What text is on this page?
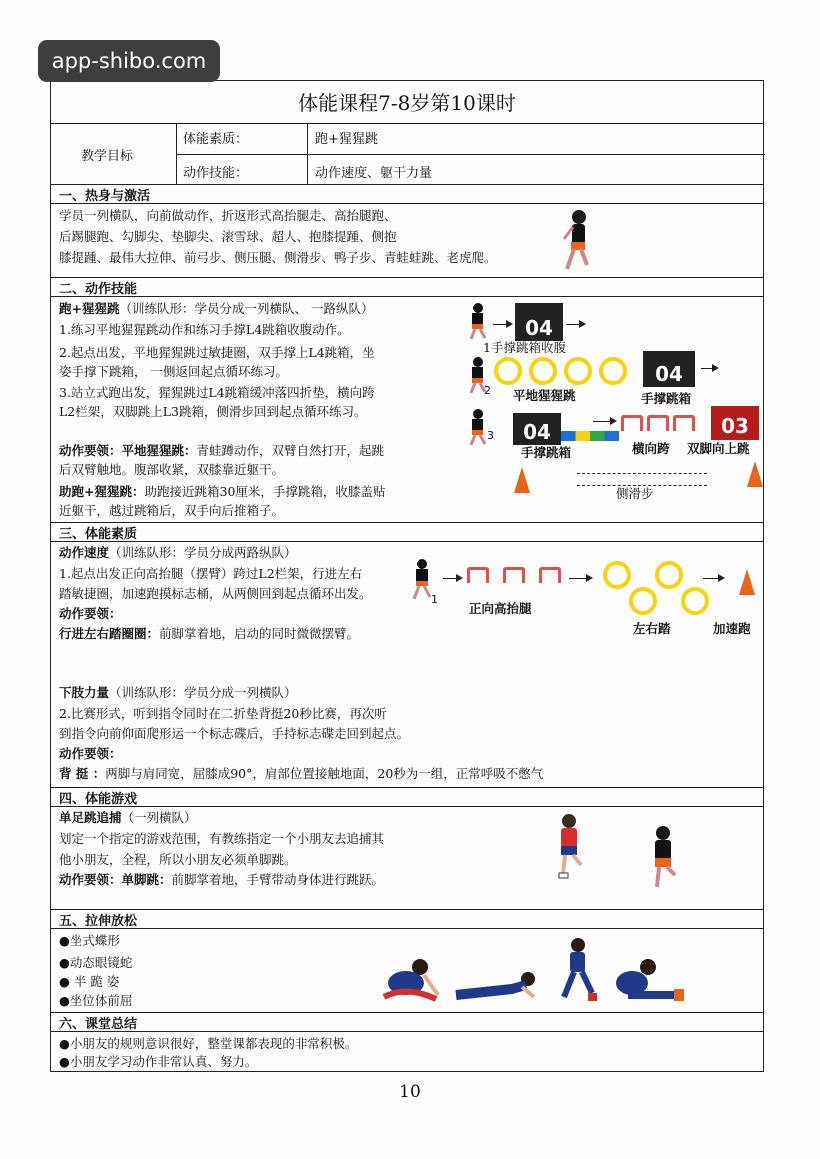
app-shibo.com
体能课程7-8岁第10课时
教学目标
体能素质：	跑+猩猩跳
动作技能：	动作速度、躯干力量
一、热身与激活
学员一列横队，向前做动作，折返形式高抬腿走、高抬腿跑、
后踢腿跑、勾脚尖、垫脚尖、滚雪球、超人、抱膝提踵、侧抱
膝提踵、最伟大拉伸、前弓步、侧压腿、侧滑步、鸭子步、青蛙蛙跳、老虎爬。
二、动作技能
跑+猩猩跳（训练队形：学员分成一列横队、 一路纵队）
1.练习平地猩猩跳动作和练习手撑L4跳箱收腹动作。
2.起点出发，平地猩猩跳过敏捷圈，双手撑上L4跳箱，坐
姿手撑下跳箱， 一侧返回起点循环练习。
3.站立式跑出发，猩猩跳过L4跳箱缓冲落四折垫，横向跨
L2栏架，双脚跳上L3跳箱，侧滑步回到起点循环练习。
动作要领：平地猩猩跳：青蛙蹲动作，双臂自然打开，起跳
后双臂触地。腹部收紧，双膝靠近躯干。
助跑+猩猩跳：助跑接近跳箱30厘米，手撑跳箱，收膝盖贴
近躯干，越过跳箱后，双手向后推箱子。
04
1手撑跳箱收腹
2
04
平地猩猩跳	手撑跳箱
3	04	03
手撑跳箱	横向跨 双脚向上跳
侧滑步
三、体能素质
动作速度（训练队形：学员分成两路纵队）
1.起点出发正向高抬腿（摆臂）跨过L2栏架，行进左右
踏敏捷圈，加速跑摸标志桶，从两侧回到起点循环出发。
动作要领：
行进左右踏圈圈：前脚掌着地，启动的同时微微摆臂。
1
正向高抬腿
左右踏	加速跑
下肢力量（训练队形：学员分成一列横队）
2.比赛形式，听到指令同时在二折垫背挺20秒比赛，再次听
到指令向前仰面爬形运一个标志碟后，手持标志碟走回到起点。
动作要领：
背 挺 ：两脚与肩同宽，屈膝成90°，肩部位置接触地面，20秒为一组，正常呼吸不憋气
四、体能游戏
单足跳追捕（一列横队）
划定一个指定的游戏范围，有教练指定一个小朋友去追捕其
他小朋友，全程，所以小朋友必须单脚跳。
动作要领：单脚跳：前脚掌着地，手臂带动身体进行跳跃。
五、拉伸放松
●坐式蝶形
●动态眼镜蛇
● 半 跪 姿
●坐位体前屈
六、课堂总结
●小朋友的规则意识很好，整堂课都表现的非常积极。
●小朋友学习动作非常认真、努力。
10
